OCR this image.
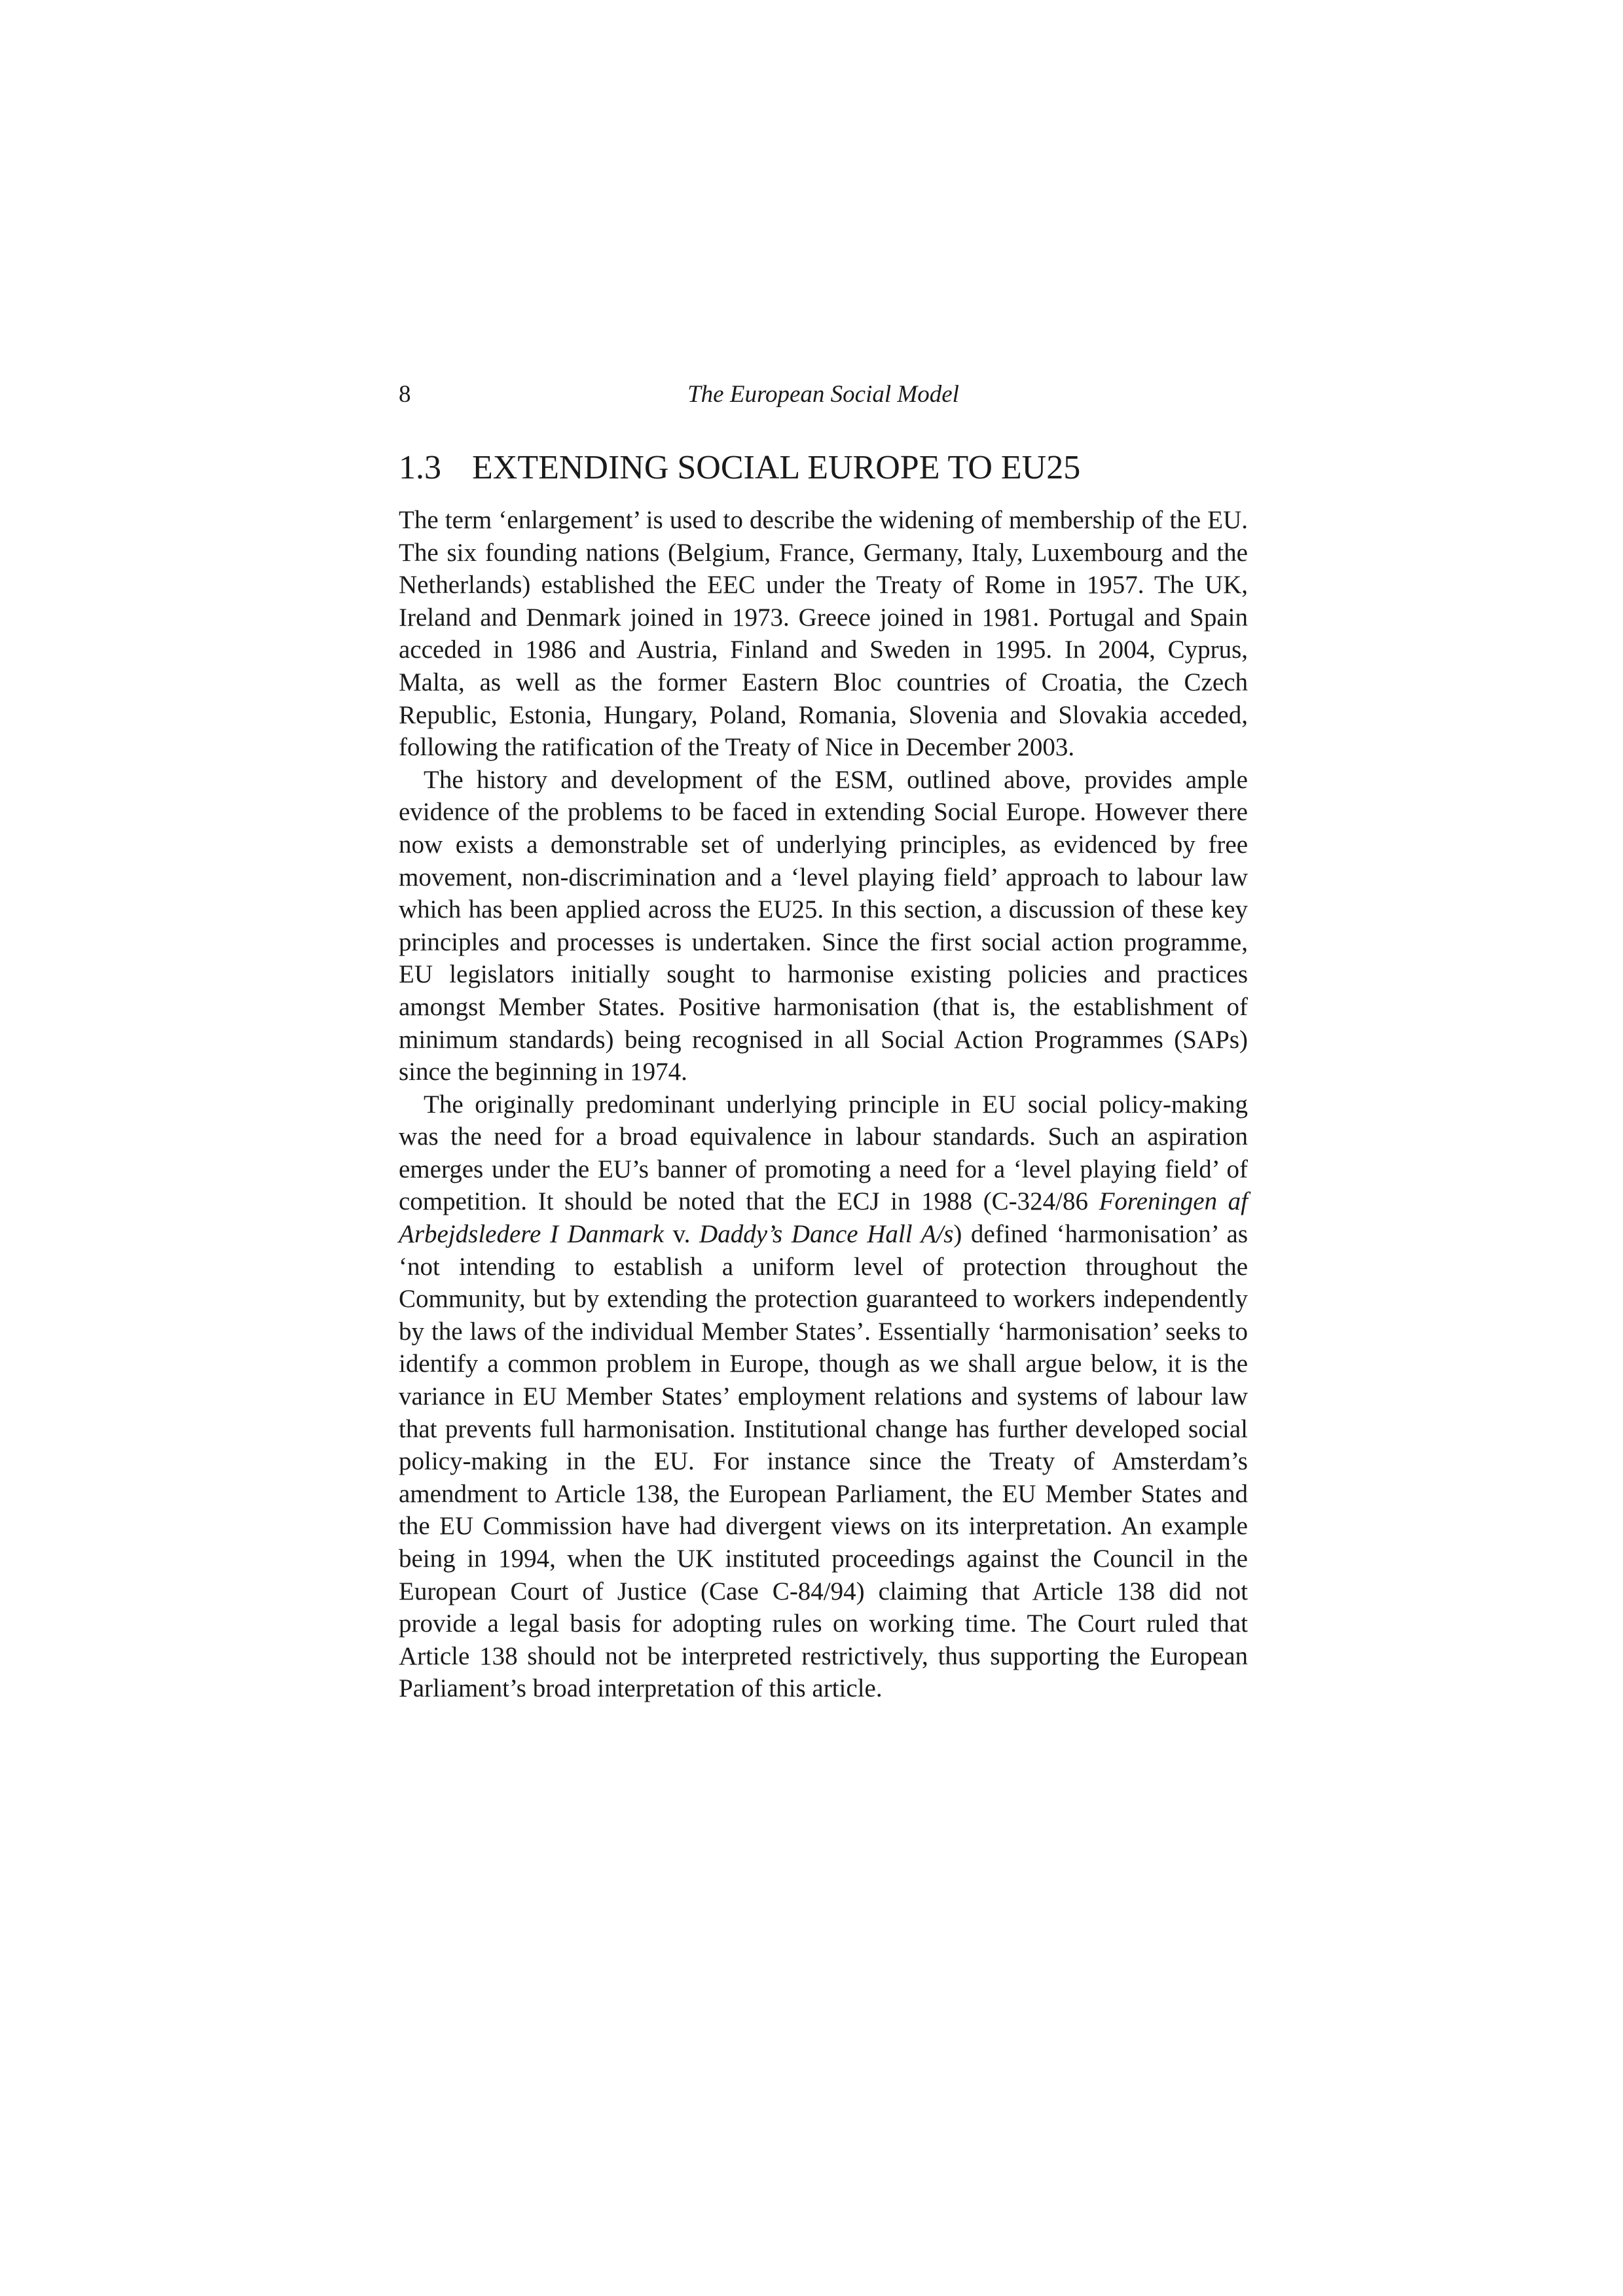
8	The European Social Model
1.3 EXTENDING SOCIAL EUROPE TO EU25

The term ‘enlargement’ is used to describe the widening of membership of the EU. The six founding nations (Belgium, France, Germany, Italy, Luxembourg and the Netherlands) established the EEC under the Treaty of Rome in 1957. The UK, Ireland and Denmark joined in 1973. Greece joined in 1981. Portugal and Spain acceded in 1986 and Austria, Finland and Sweden in 1995. In 2004, Cyprus, Malta, as well as the former Eastern Bloc countries of Croatia, the Czech Republic, Estonia, Hungary, Poland, Romania, Slovenia and Slovakia acceded, following the ratification of the Treaty of Nice in December 2003.

The history and development of the ESM, outlined above, provides ample evidence of the problems to be faced in extending Social Europe. However there now exists a demonstrable set of underlying principles, as evidenced by free movement, non-discrimination and a ‘level playing field’ approach to labour law which has been applied across the EU25. In this section, a discussion of these key principles and processes is undertaken. Since the first social action programme, EU legislators initially sought to harmonise existing policies and practices amongst Member States. Positive harmonisation (that is, the establishment of minimum standards) being recognised in all Social Action Programmes (SAPs) since the beginning in 1974.

The originally predominant underlying principle in EU social policy-making was the need for a broad equivalence in labour standards. Such an aspiration emerges under the EU’s banner of promoting a need for a ‘level playing field’ of competition. It should be noted that the ECJ in 1988 (C-324/86 Foreningen af Arbejdsledere I Danmark v. Daddy’s Dance Hall A/s) defined ‘harmonisation’ as ‘not intending to establish a uniform level of protection throughout the Community, but by extending the protection guaranteed to workers independently by the laws of the individual Member States’. Essentially ‘harmonisation’ seeks to identify a common problem in Europe, though as we shall argue below, it is the variance in EU Member States’ employment relations and systems of labour law that prevents full harmonisation. Institutional change has further developed social policy-making in the EU. For instance since the Treaty of Amsterdam’s amendment to Article 138, the European Parliament, the EU Member States and the EU Commission have had divergent views on its interpretation. An example being in 1994, when the UK instituted proceedings against the Council in the European Court of Justice (Case C-84/94) claiming that Article 138 did not provide a legal basis for adopting rules on working time. The Court ruled that Article 138 should not be interpreted restrictively, thus supporting the European Parliament’s broad interpretation of this article.
